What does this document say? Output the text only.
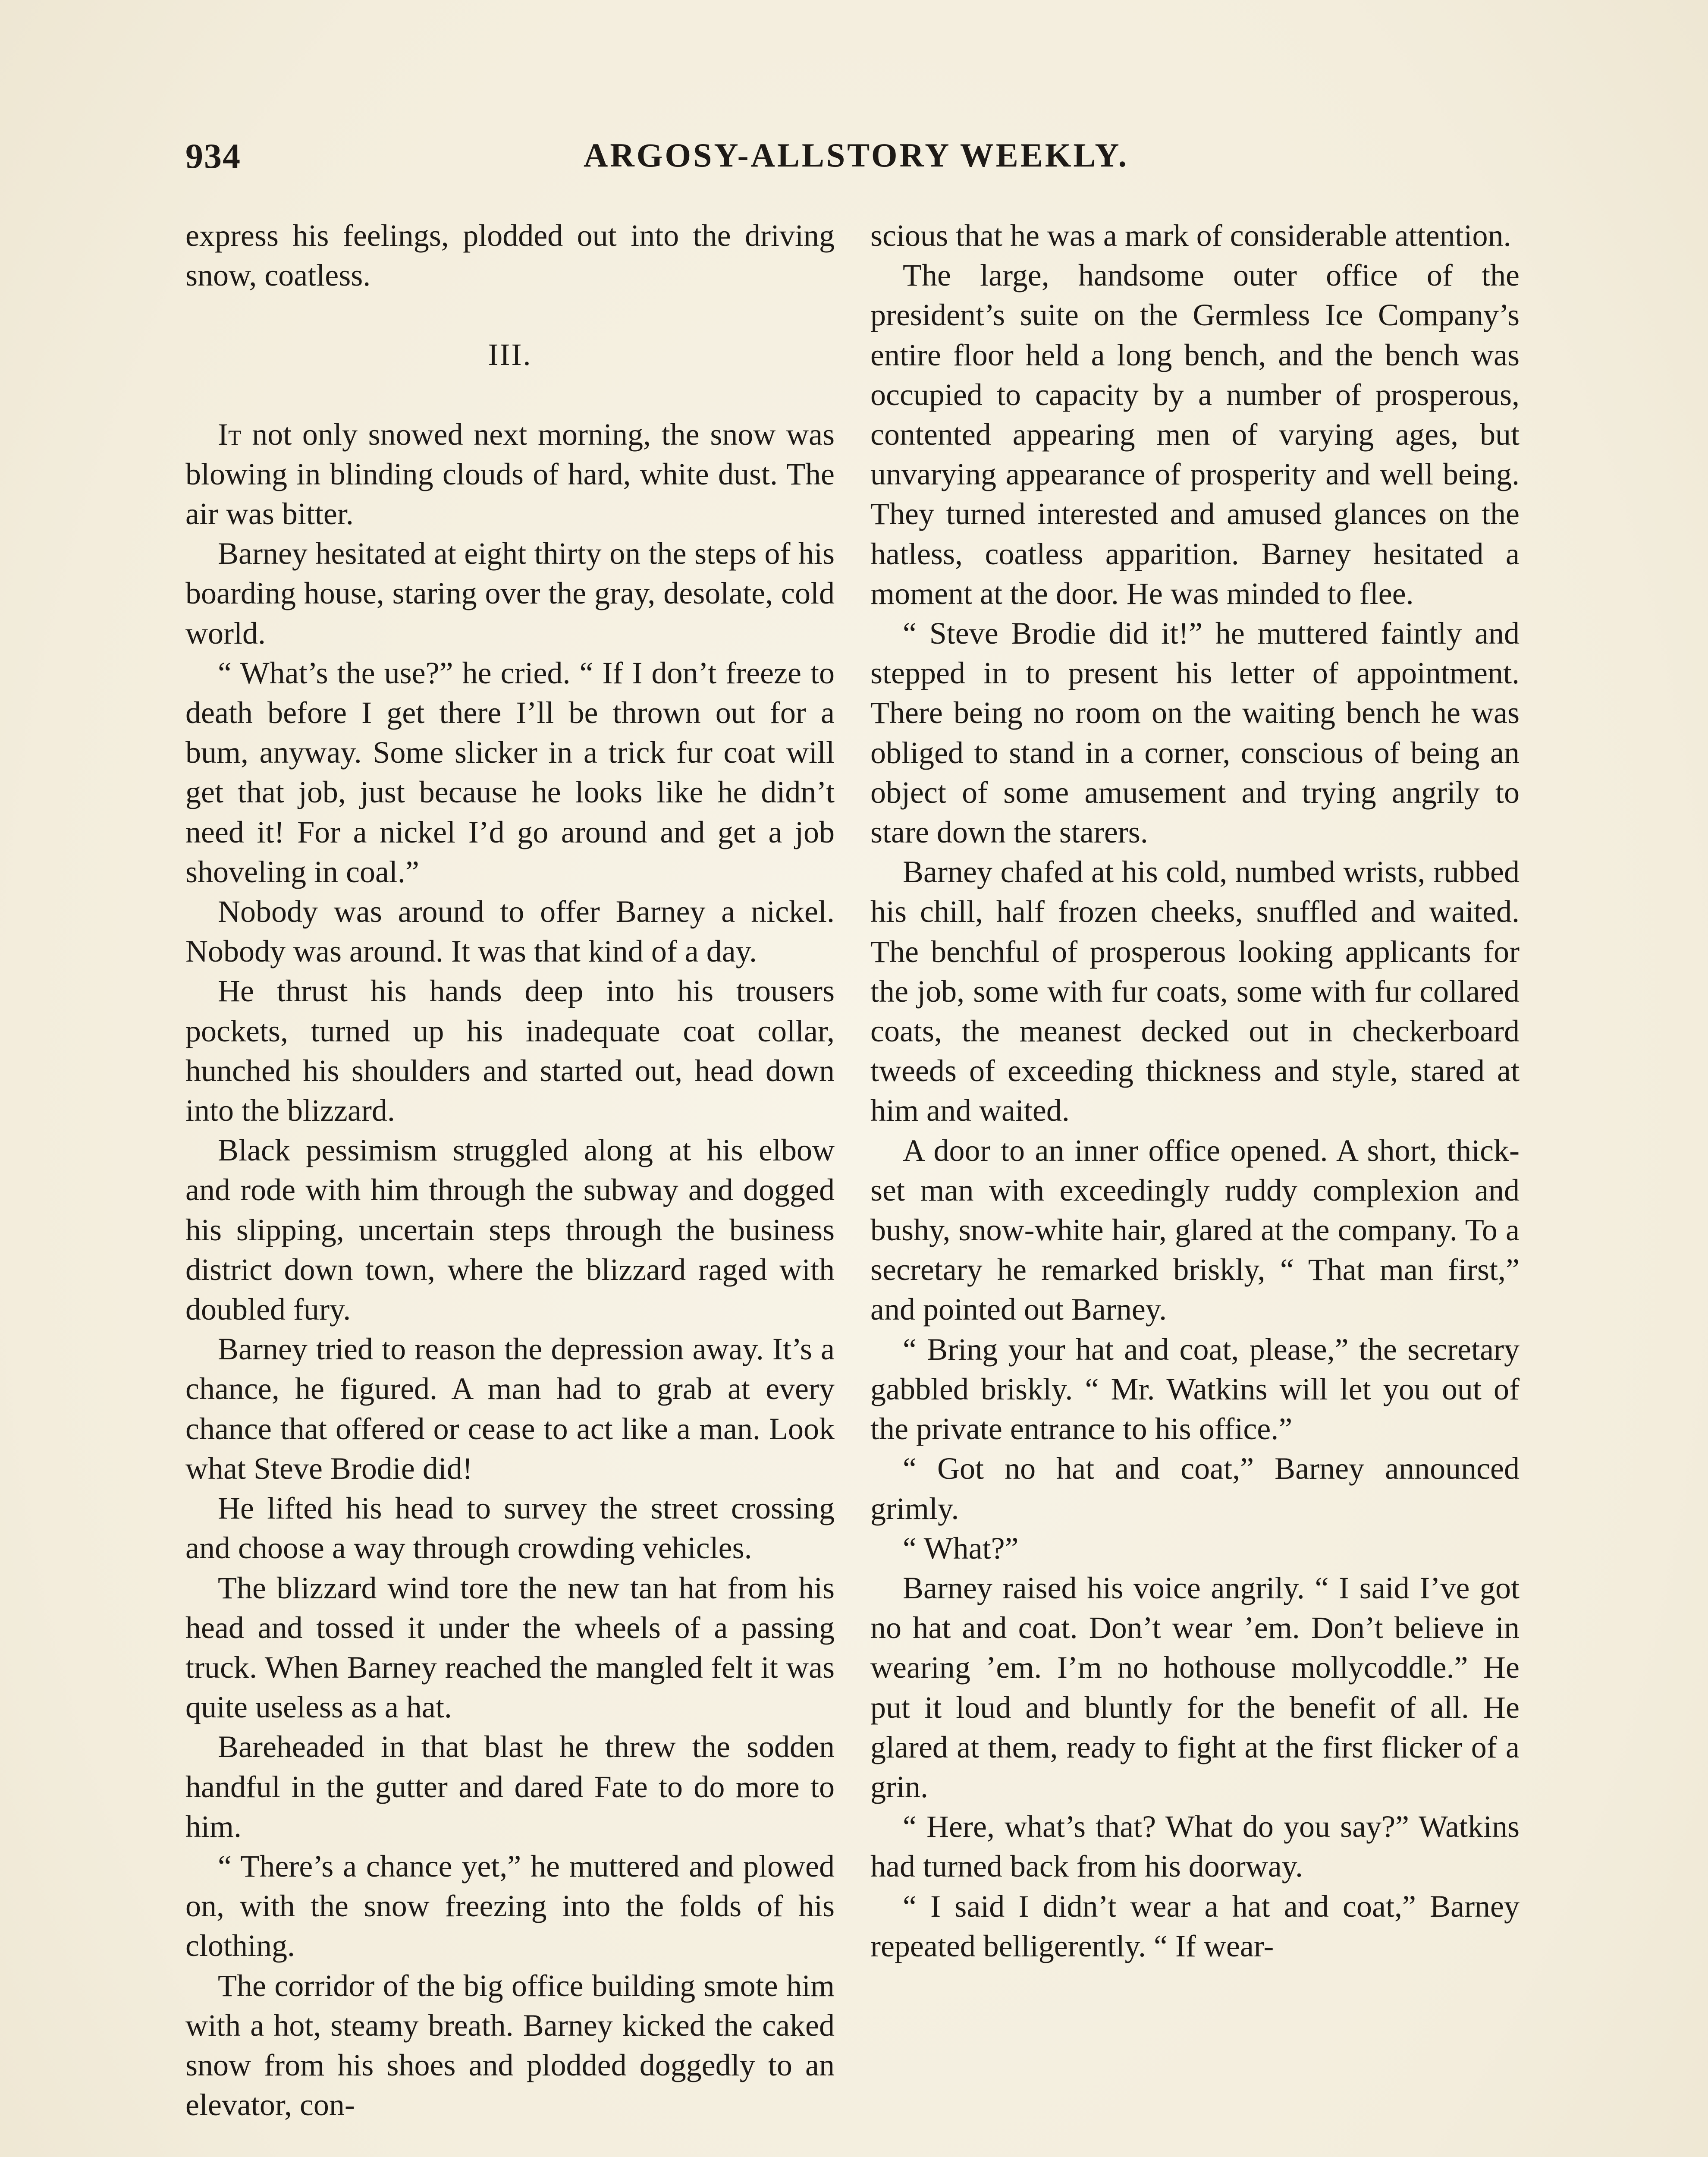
934	ARGOSY-ALLSTORY WEEKLY.

express his feelings, plodded out into the driving snow, coatless.

III.

It not only snowed next morning, the snow was blowing in blinding clouds of hard, white dust. The air was bitter.

Barney hesitated at eight thirty on the steps of his boarding house, staring over the gray, desolate, cold world.

“ What’s the use?” he cried. “ If I don’t freeze to death before I get there I’ll be thrown out for a bum, anyway. Some slicker in a trick fur coat will get that job, just because he looks like he didn’t need it! For a nickel I’d go around and get a job shoveling in coal.”

Nobody was around to offer Barney a nickel. Nobody was around. It was that kind of a day.

He thrust his hands deep into his trousers pockets, turned up his inadequate coat collar, hunched his shoulders and started out, head down into the blizzard.

Black pessimism struggled along at his elbow and rode with him through the subway and dogged his slipping, uncertain steps through the business district down town, where the blizzard raged with doubled fury.

Barney tried to reason the depression away. It’s a chance, he figured. A man had to grab at every chance that offered or cease to act like a man. Look what Steve Brodie did!

He lifted his head to survey the street crossing and choose a way through crowding vehicles.

The blizzard wind tore the new tan hat from his head and tossed it under the wheels of a passing truck. When Barney reached the mangled felt it was quite useless as a hat.

Bareheaded in that blast he threw the sodden handful in the gutter and dared Fate to do more to him.

“ There’s a chance yet,” he muttered and plowed on, with the snow freezing into the folds of his clothing.

The corridor of the big office building smote him with a hot, steamy breath. Barney kicked the caked snow from his shoes and plodded doggedly to an elevator, con-

scious that he was a mark of considerable attention.

The large, handsome outer office of the president’s suite on the Germless Ice Company’s entire floor held a long bench, and the bench was occupied to capacity by a number of prosperous, contented appearing men of varying ages, but unvarying appearance of prosperity and well being. They turned interested and amused glances on the hatless, coatless apparition. Barney hesitated a moment at the door. He was minded to flee.

“ Steve Brodie did it!” he muttered faintly and stepped in to present his letter of appointment. There being no room on the waiting bench he was obliged to stand in a corner, conscious of being an object of some amusement and trying angrily to stare down the starers.

Barney chafed at his cold, numbed wrists, rubbed his chill, half frozen cheeks, snuffled and waited. The benchful of prosperous looking applicants for the job, some with fur coats, some with fur collared coats, the meanest decked out in checkerboard tweeds of exceeding thickness and style, stared at him and waited.

A door to an inner office opened. A short, thick-set man with exceedingly ruddy complexion and bushy, snow-white hair, glared at the company. To a secretary he remarked briskly, “ That man first,” and pointed out Barney.

“ Bring your hat and coat, please,” the secretary gabbled briskly. “ Mr. Watkins will let you out of the private entrance to his office.”

“ Got no hat and coat,” Barney announced grimly.

“ What?”

Barney raised his voice angrily. “ I said I’ve got no hat and coat. Don’t wear ’em. Don’t believe in wearing ’em. I’m no hothouse mollycoddle.” He put it loud and bluntly for the benefit of all. He glared at them, ready to fight at the first flicker of a grin.

“ Here, what’s that? What do you say?” Watkins had turned back from his doorway.

“ I said I didn’t wear a hat and coat,” Barney repeated belligerently. “ If wear-
